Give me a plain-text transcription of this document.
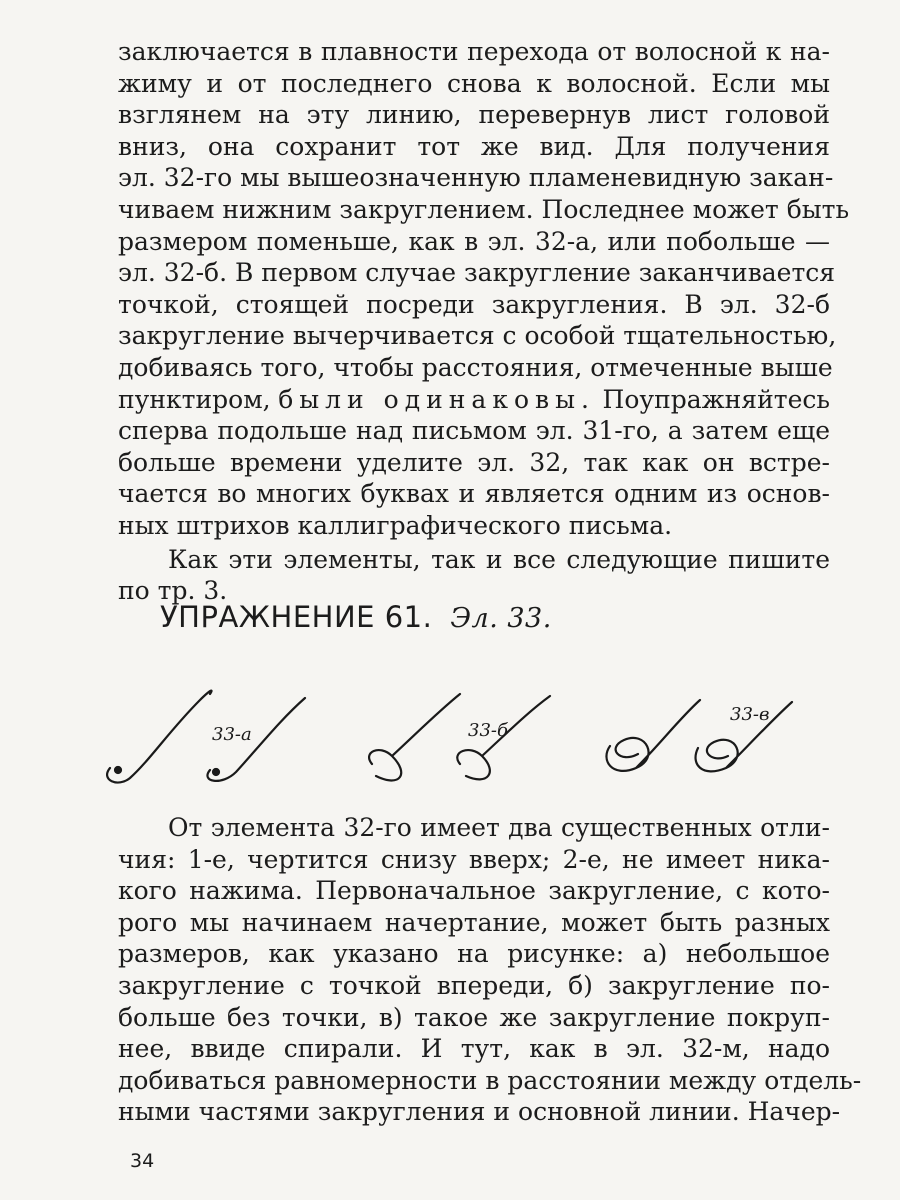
заключается в плавности перехода от волосной к на-
жиму и от последнего снова к волосной. Если мы
взглянем на эту линию, перевернув лист головой
вниз, она сохранит тот же вид. Для получения
эл. 32-го мы вышеозначенную пламеневидную закан-
чиваем нижним закруглением. Последнее может быть
размером поменьше, как в эл. 32-а, или побольше —
эл. 32-б. В первом случае закругление заканчивается
точкой, стоящей посреди закругления. В эл. 32-б
закругление вычерчивается с особой тщательностью,
добиваясь того, чтобы расстояния, отмеченные выше
пунктиром, были одинаковы. Поупражняйтесь
сперва подольше над письмом эл. 31-го, а затем еще
больше времени уделите эл. 32, так как он встре-
чается во многих буквах и является одним из основ-
ных штрихов каллиграфического письма.

Как эти элементы, так и все следующие пишите
по тр. 3.

УПРАЖНЕНИЕ 61. Эл. 33.
33-а	33-б
33-в

От элемента 32-го имеет два существенных отли-
чия: 1-е, чертится снизу вверх; 2-е, не имеет ника-
кого нажима. Первоначальное закругление, с кото-
рого мы начинаем начертание, может быть разных
размеров, как указано на рисунке: а) небольшое
закругление с точкой впереди, б) закругление по-
больше без точки, в) такое же закругление покруп-
нее, ввиде спирали. И тут, как в эл. 32-м, надо
добиваться равномерности в расстоянии между отдель-
ными частями закругления и основной линии. Начер-

34
